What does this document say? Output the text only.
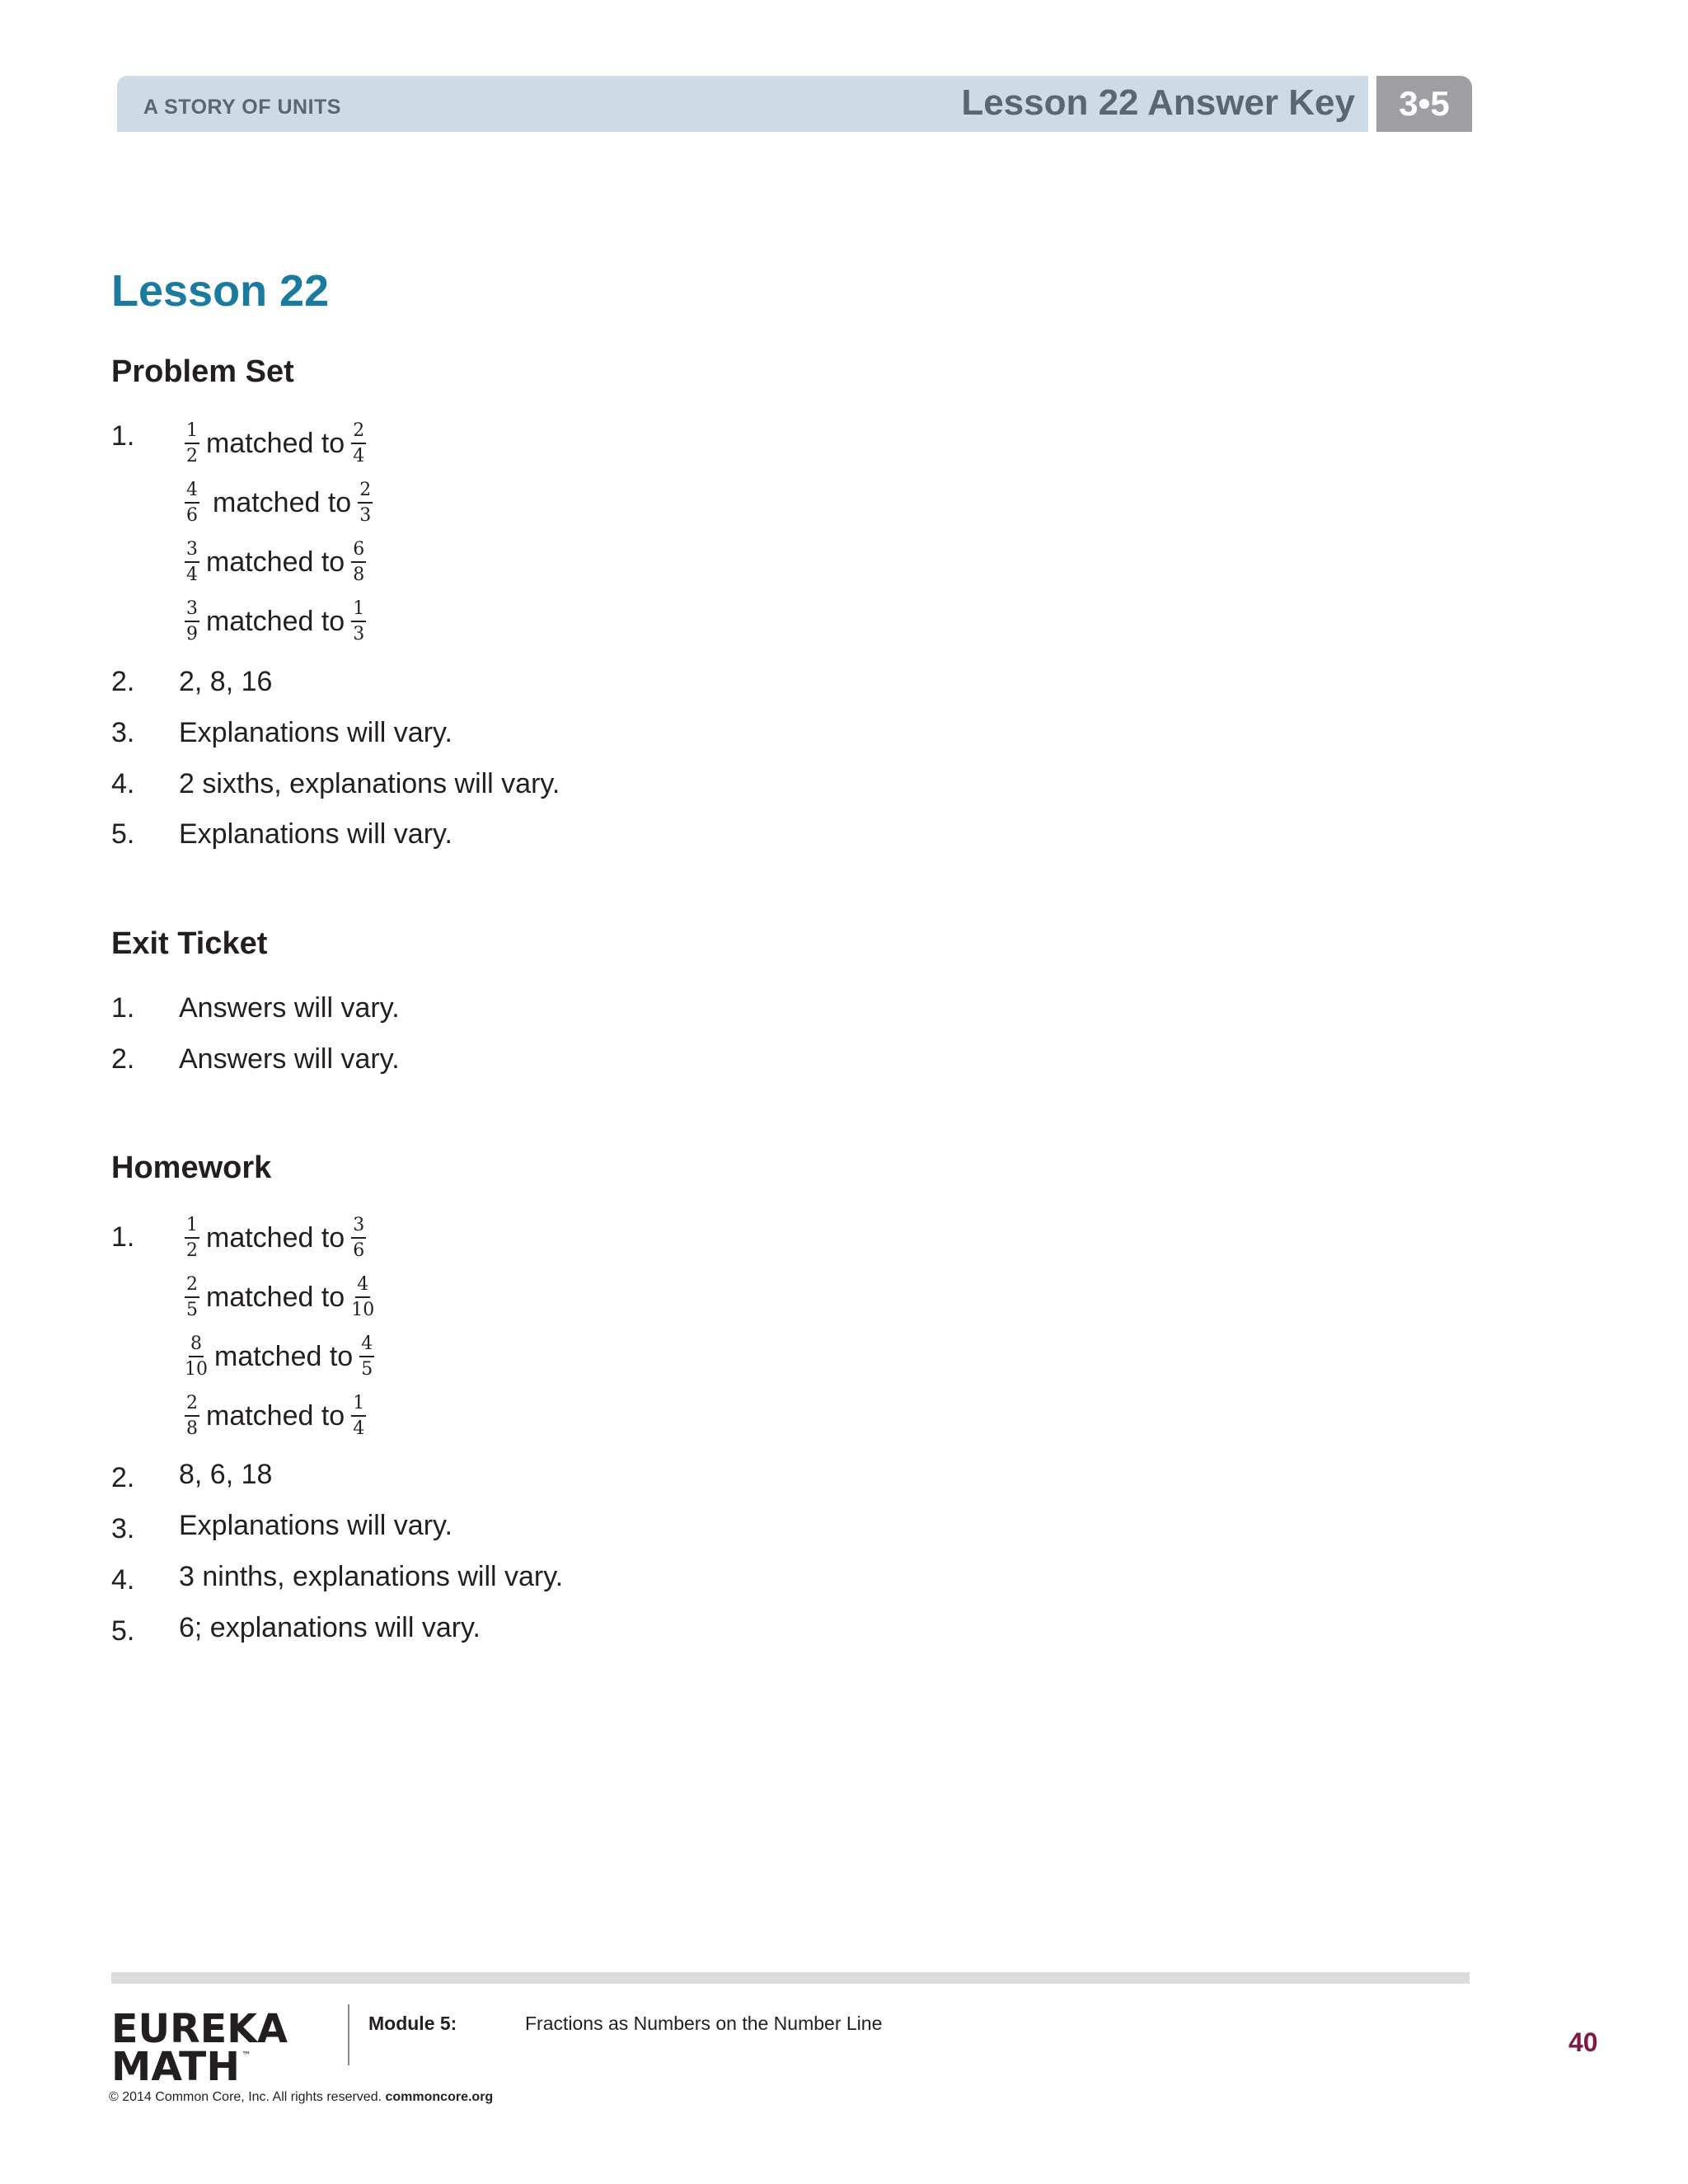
A STORY OF UNITS	Lesson 22 Answer Key	3•5
Lesson 22
Problem Set
1.	$\frac{1}{2}$ matched to $\frac{2}{4}$
$\frac{4}{6}$ matched to $\frac{2}{3}$
$\frac{3}{4}$ matched to $\frac{6}{8}$
$\frac{3}{9}$ matched to $\frac{1}{3}$
2. 2, 8, 16
3. Explanations will vary.
4. 2 sixths, explanations will vary.
5. Explanations will vary.
Exit Ticket
1. Answers will vary.
2. Answers will vary.
Homework
1.	$\frac{1}{2}$ matched to $\frac{3}{6}$
$\frac{2}{5}$ matched to $\frac{4}{10}$
$\frac{8}{10}$ matched to $\frac{4}{5}$
$\frac{2}{8}$ matched to $\frac{1}{4}$
2. 8, 6, 18
3. Explanations will vary.
4. 3 ninths, explanations will vary.
5. 6; explanations will vary.
EUREKA
MATH ™
Module 5:	Fractions as Numbers on the Number Line
© 2014 Common Core, Inc. All rights reserved. commoncore.org
40
